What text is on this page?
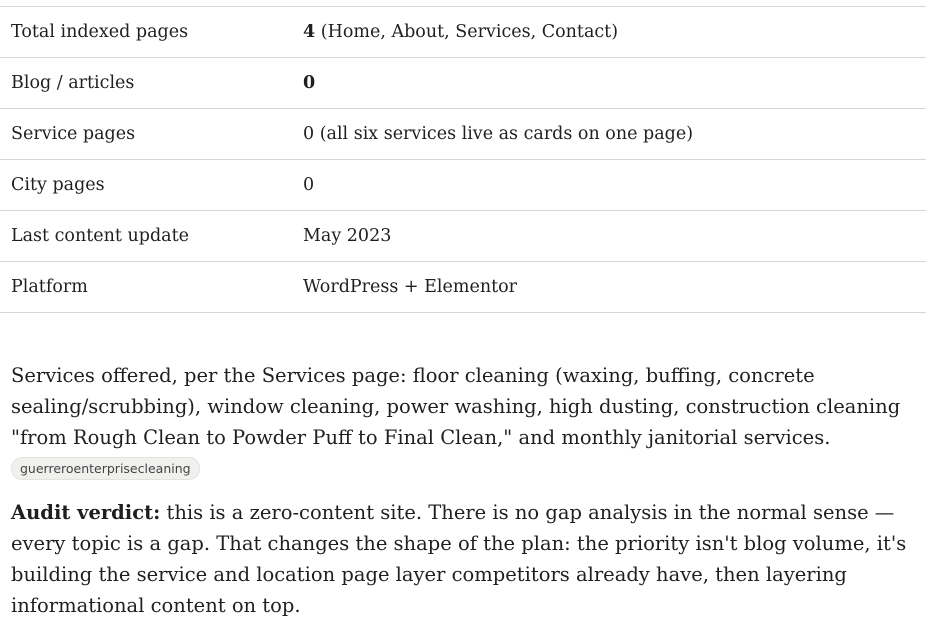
Total indexed pages	4 (Home, About, Services, Contact)
Blog / articles	0
Service pages	0 (all six services live as cards on one page)
City pages	0
Last content update	May 2023
Platform	WordPress + Elementor

Services offered, per the Services page: floor cleaning (waxing, buffing, concrete sealing/scrubbing), window cleaning, power washing, high dusting, construction cleaning "from Rough Clean to Powder Puff to Final Clean," and monthly janitorial services.

guerreroenterprisecleaning

Audit verdict: this is a zero-content site. There is no gap analysis in the normal sense — every topic is a gap. That changes the shape of the plan: the priority isn't blog volume, it's building the service and location page layer competitors already have, then layering informational content on top.
